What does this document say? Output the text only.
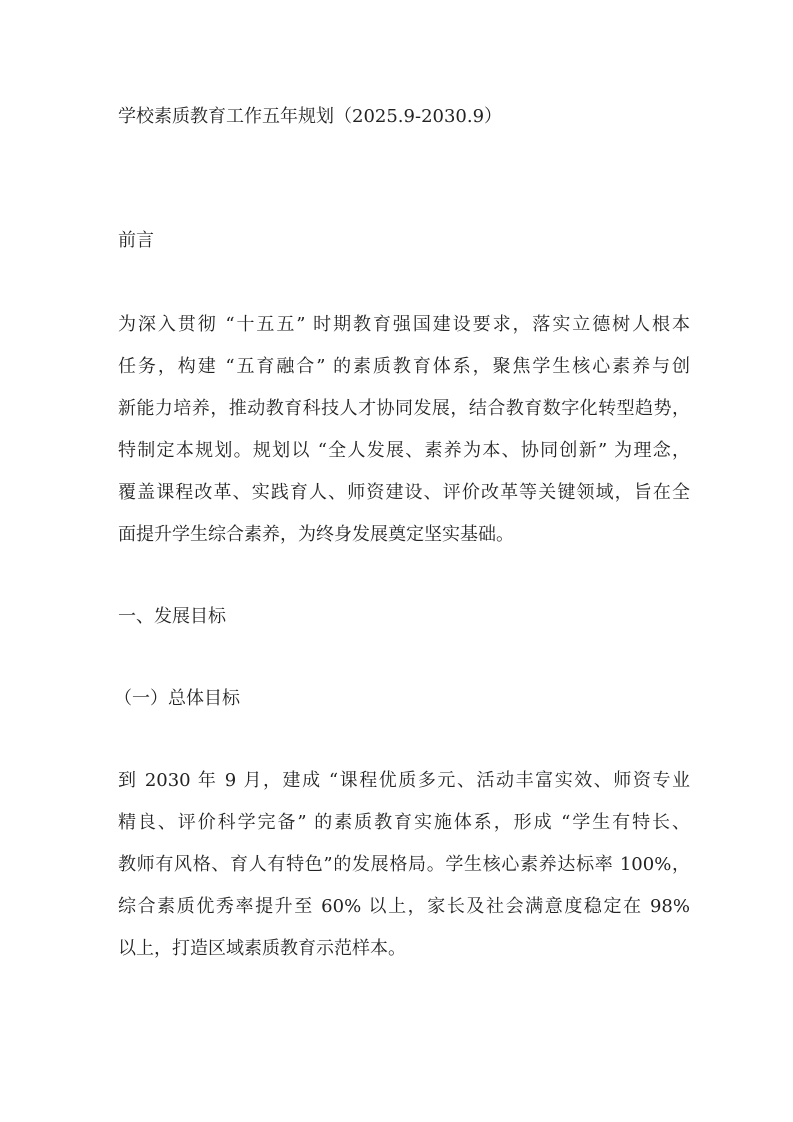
学校素质教育工作五年规划（2025.9-2030.9）
前言
为深入贯彻 “十五五” 时期教育强国建设要求，落实立德树人根本
任务，构建 “五育融合” 的素质教育体系，聚焦学生核心素养与创
新能力培养，推动教育科技人才协同发展，结合教育数字化转型趋势，
特制定本规划。规划以 “全人发展、素养为本、协同创新” 为理念，
覆盖课程改革、实践育人、师资建设、评价改革等关键领域，旨在全
面提升学生综合素养，为终身发展奠定坚实基础。
一、发展目标
（一）总体目标
到 2030 年 9 月，建成 “课程优质多元、活动丰富实效、师资专业
精良、评价科学完备” 的素质教育实施体系，形成 “学生有特长、
教师有风格、育人有特色”的发展格局。学生核心素养达标率 100%，
综合素质优秀率提升至 60% 以上，家长及社会满意度稳定在 98%
以上，打造区域素质教育示范样本。
